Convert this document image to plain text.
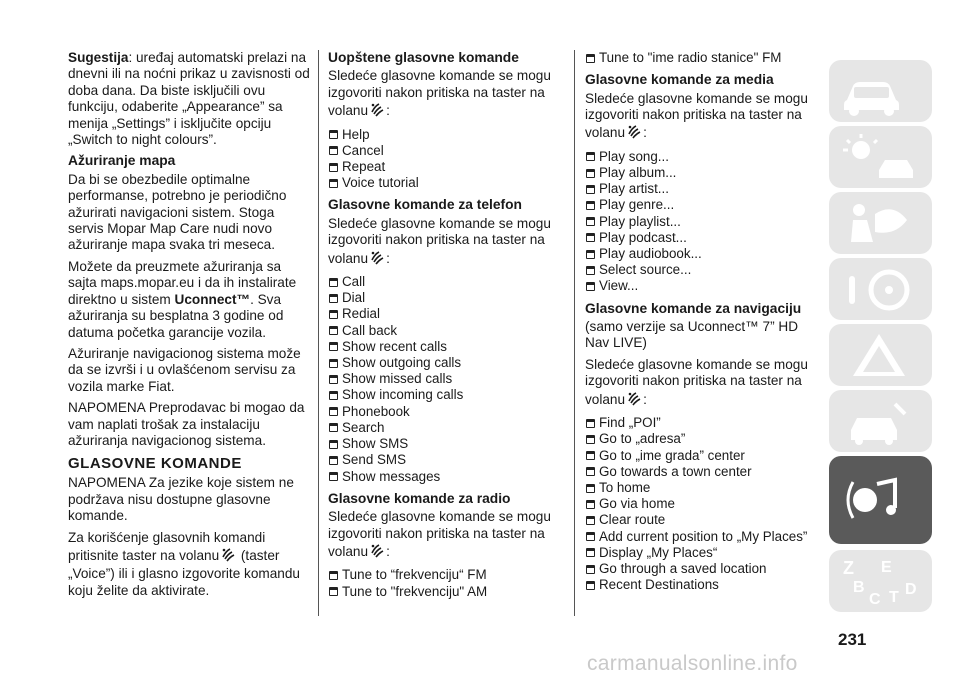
Sugestija: uređaj automatski prelazi na dnevni ili na noćni prikaz u zavisnosti od doba dana. Da biste isključili ovu funkciju, odaberite „Appearance” sa menija „Settings” i isključite opciju „Switch to night colours”.

Ažuriranje mapa

Da bi se obezbedile optimalne performanse, potrebno je periodično ažurirati navigacioni sistem. Stoga servis Mopar Map Care nudi novo ažuriranje mapa svaka tri meseca.

Možete da preuzmete ažuriranja sa sajta maps.mopar.eu i da ih instalirate direktno u sistem Uconnect™. Sva ažuriranja su besplatna 3 godine od datuma početka garancije vozila.

Ažuriranje navigacionog sistema može da se izvrši i u ovlašćenom servisu za vozila marke Fiat.

NAPOMENA Preprodavac bi mogao da vam naplati trošak za instalaciju ažuriranja navigacionog sistema.

GLASOVNE KOMANDE

NAPOMENA Za jezike koje sistem ne podržava nisu dostupne glasovne komande.

Za korišćenje glasovnih komandi pritisnite taster na volanu (taster „Voice”) ili i glasno izgovorite komandu koju želite da aktivirate.

Uopštene glasovne komande

Sledeće glasovne komande se mogu izgovoriti nakon pritiska na taster na volanu :

Help
Cancel
Repeat
Voice tutorial
Glasovne komande za telefon

Sledeće glasovne komande se mogu izgovoriti nakon pritiska na taster na volanu :

Call
Dial
Redial
Call back
Show recent calls
Show outgoing calls
Show missed calls
Show incoming calls
Phonebook
Search
Show SMS
Send SMS
Show messages
Glasovne komande za radio

Sledeće glasovne komande se mogu izgovoriti nakon pritiska na taster na volanu :

Tune to “frekvenciju“ FM
Tune to "frekvenciju" AM
Tune to "ime radio stanice" FM
Glasovne komande za media

Sledeće glasovne komande se mogu izgovoriti nakon pritiska na taster na volanu :

Play song...
Play album...
Play artist...
Play genre...
Play playlist...
Play podcast...
Play audiobook...
Select source...
View...
Glasovne komande za navigaciju

(samo verzije sa Uconnect™ 7” HD Nav LIVE)

Sledeće glasovne komande se mogu izgovoriti nakon pritiska na taster na volanu :

Find „POI”
Go to „adresa”
Go to „ime grada” center
Go towards a town center
To home
Go via home
Clear route
Add current position to „My Places”
Display „My Places“
Go through a saved location
Recent Destinations
Z E
B
C T D
231
carmanualsonline.info
